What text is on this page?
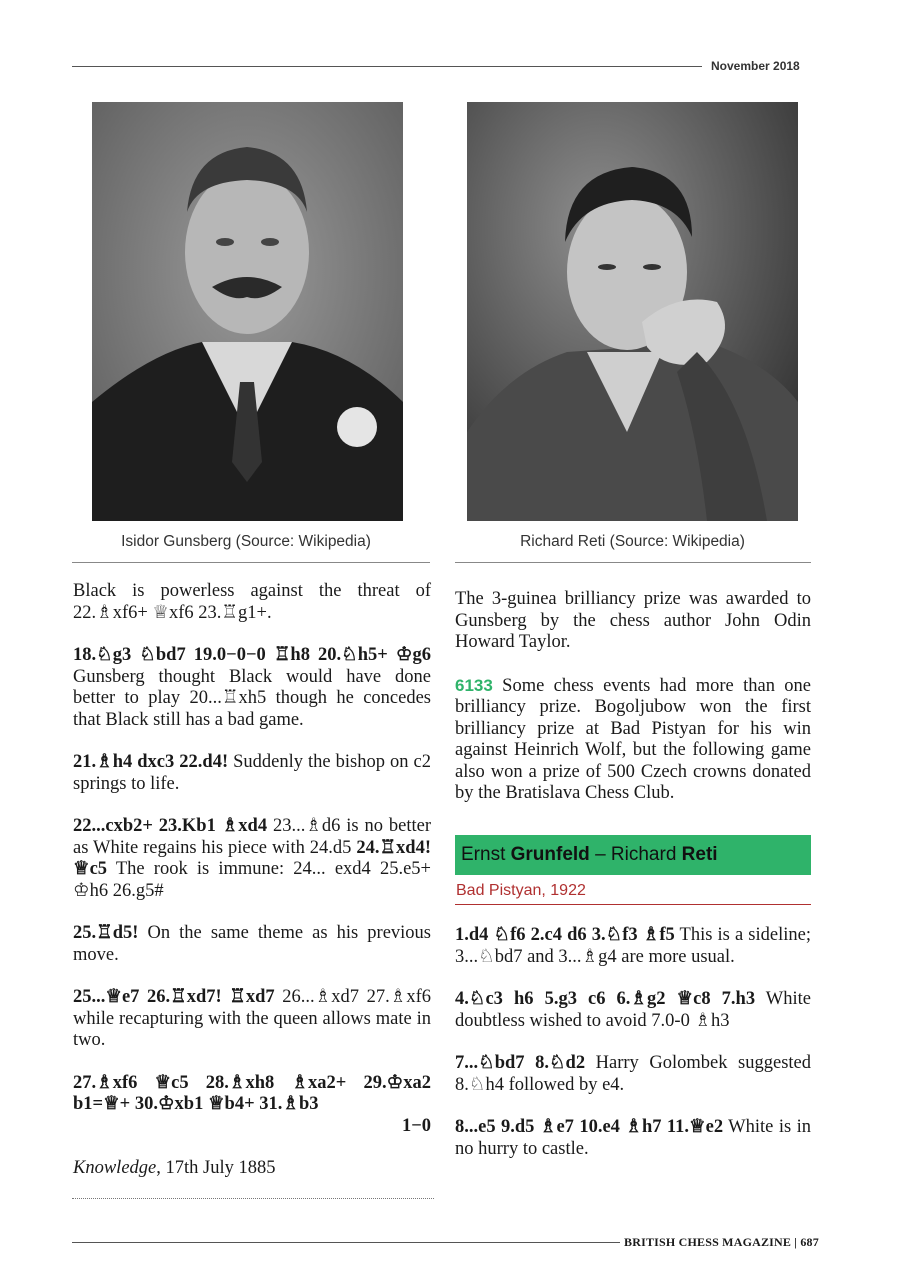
November 2018
Isidor Gunsberg (Source: Wikipedia)	Richard Reti (Source: Wikipedia)

Black is powerless against the threat of 22.♗xf6+ ♕xf6 23.♖g1+.

18.♘g3 ♘bd7 19.0−0−0 ♖h8 20.♘h5+ ♔g6 Gunsberg thought Black would have done better to play 20...♖xh5 though he concedes that Black still has a bad game.

21.♗h4 dxc3 22.d4! Suddenly the bishop on c2 springs to life.

22...cxb2+ 23.Kb1 ♗xd4 23...♗d6 is no better as White regains his piece with 24.d5 24.♖xd4! ♕c5 The rook is immune: 24... exd4 25.e5+ ♔h6 26.g5#

25.♖d5! On the same theme as his previous move.

25...♕e7 26.♖xd7! ♖xd7 26...♗xd7 27.♗xf6 while recapturing with the queen allows mate in two.

27.♗xf6 ♕c5 28.♗xh8 ♗xa2+ 29.♔xa2 b1=♕+ 30.♔xb1 ♕b4+ 31.♗b3

1−0

Knowledge, 17th July 1885

The 3-guinea brilliancy prize was awarded to Gunsberg by the chess author John Odin Howard Taylor.

6133 Some chess events had more than one brilliancy prize. Bogoljubow won the first brilliancy prize at Bad Pistyan for his win against Heinrich Wolf, but the following game also won a prize of 500 Czech crowns donated by the Bratislava Chess Club.

Ernst Grunfeld – Richard Reti
Bad Pistyan, 1922

1.d4 ♘f6 2.c4 d6 3.♘f3 ♗f5 This is a sideline; 3...♘bd7 and 3...♗g4 are more usual.

4.♘c3 h6 5.g3 c6 6.♗g2 ♕c8 7.h3 White doubtless wished to avoid 7.0-0 ♗h3

7...♘bd7 8.♘d2 Harry Golombek suggested 8.♘h4 followed by e4.

8...e5 9.d5 ♗e7 10.e4 ♗h7 11.♕e2 White is in no hurry to castle.

BRITISH CHESS MAGAZINE | 687
